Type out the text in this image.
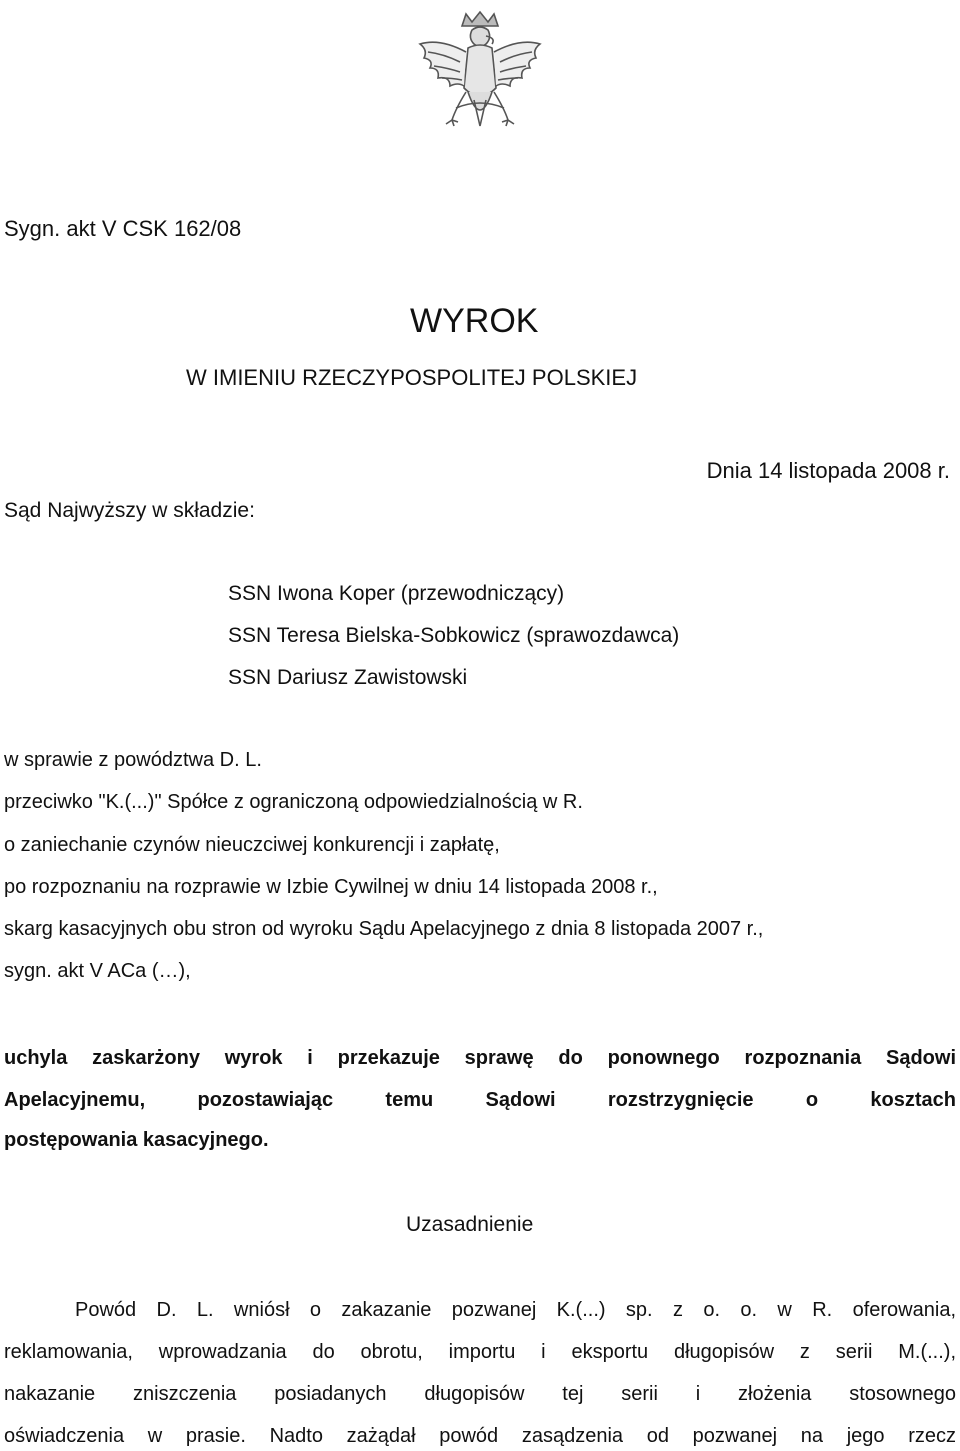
Sygn. akt V CSK 162/08
WYROK
W IMIENIU RZECZYPOSPOLITEJ POLSKIEJ
Dnia 14 listopada 2008 r.
Sąd Najwyższy w składzie:
SSN Iwona Koper (przewodniczący)
SSN Teresa Bielska-Sobkowicz (sprawozdawca)
SSN Dariusz Zawistowski
w sprawie z powództwa D. L.
przeciwko "K.(...)" Spółce z ograniczoną odpowiedzialnością w R.
o zaniechanie czynów nieuczciwej konkurencji i zapłatę,
po rozpoznaniu na rozprawie w Izbie Cywilnej w dniu 14 listopada 2008 r.,
skarg kasacyjnych obu stron od wyroku Sądu Apelacyjnego z dnia 8 listopada 2007 r.,
sygn. akt V ACa (…),
uchyla zaskarżony wyrok i przekazuje sprawę do ponownego rozpoznania Sądowi
Apelacyjnemu, pozostawiając temu Sądowi rozstrzygnięcie o kosztach
postępowania kasacyjnego.
Uzasadnienie
Powód D. L. wniósł o zakazanie pozwanej K.(...) sp. z o. o. w R. oferowania,
reklamowania, wprowadzania do obrotu, importu i eksportu długopisów z serii M.(...),
nakazanie zniszczenia posiadanych długopisów tej serii i złożenia stosownego
oświadczenia w prasie. Nadto zażądał powód zasądzenia od pozwanej na jego rzecz
